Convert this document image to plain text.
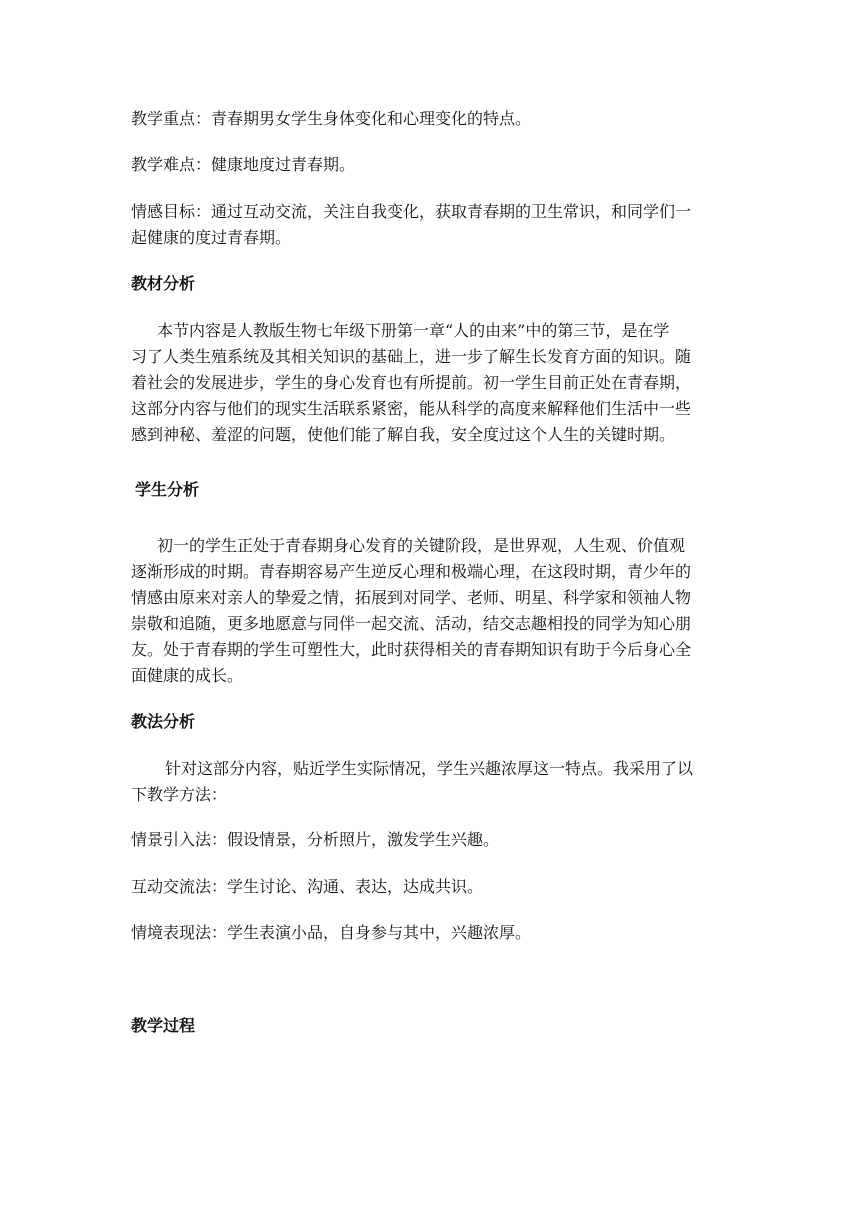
教学重点：青春期男女学生身体变化和心理变化的特点。
教学难点：健康地度过青春期。
情感目标：通过互动交流，关注自我变化，获取青春期的卫生常识，和同学们一
起健康的度过青春期。
教材分析
本节内容是人教版生物七年级下册第一章“人的由来”中的第三节，是在学
习了人类生殖系统及其相关知识的基础上，进一步了解生长发育方面的知识。随
着社会的发展进步，学生的身心发育也有所提前。初一学生目前正处在青春期，
这部分内容与他们的现实生活联系紧密，能从科学的高度来解释他们生活中一些
感到神秘、羞涩的问题，使他们能了解自我，安全度过这个人生的关键时期。
学生分析
初一的学生正处于青春期身心发育的关键阶段，是世界观，人生观、价值观
逐渐形成的时期。青春期容易产生逆反心理和极端心理，在这段时期，青少年的
情感由原来对亲人的挚爱之情，拓展到对同学、老师、明星、科学家和领袖人物
崇敬和追随，更多地愿意与同伴一起交流、活动，结交志趣相投的同学为知心朋
友。处于青春期的学生可塑性大，此时获得相关的青春期知识有助于今后身心全
面健康的成长。
教法分析
针对这部分内容，贴近学生实际情况，学生兴趣浓厚这一特点。我采用了以
下教学方法：
情景引入法：假设情景，分析照片，激发学生兴趣。
互动交流法：学生讨论、沟通、表达，达成共识。
情境表现法：学生表演小品，自身参与其中，兴趣浓厚。
教学过程
